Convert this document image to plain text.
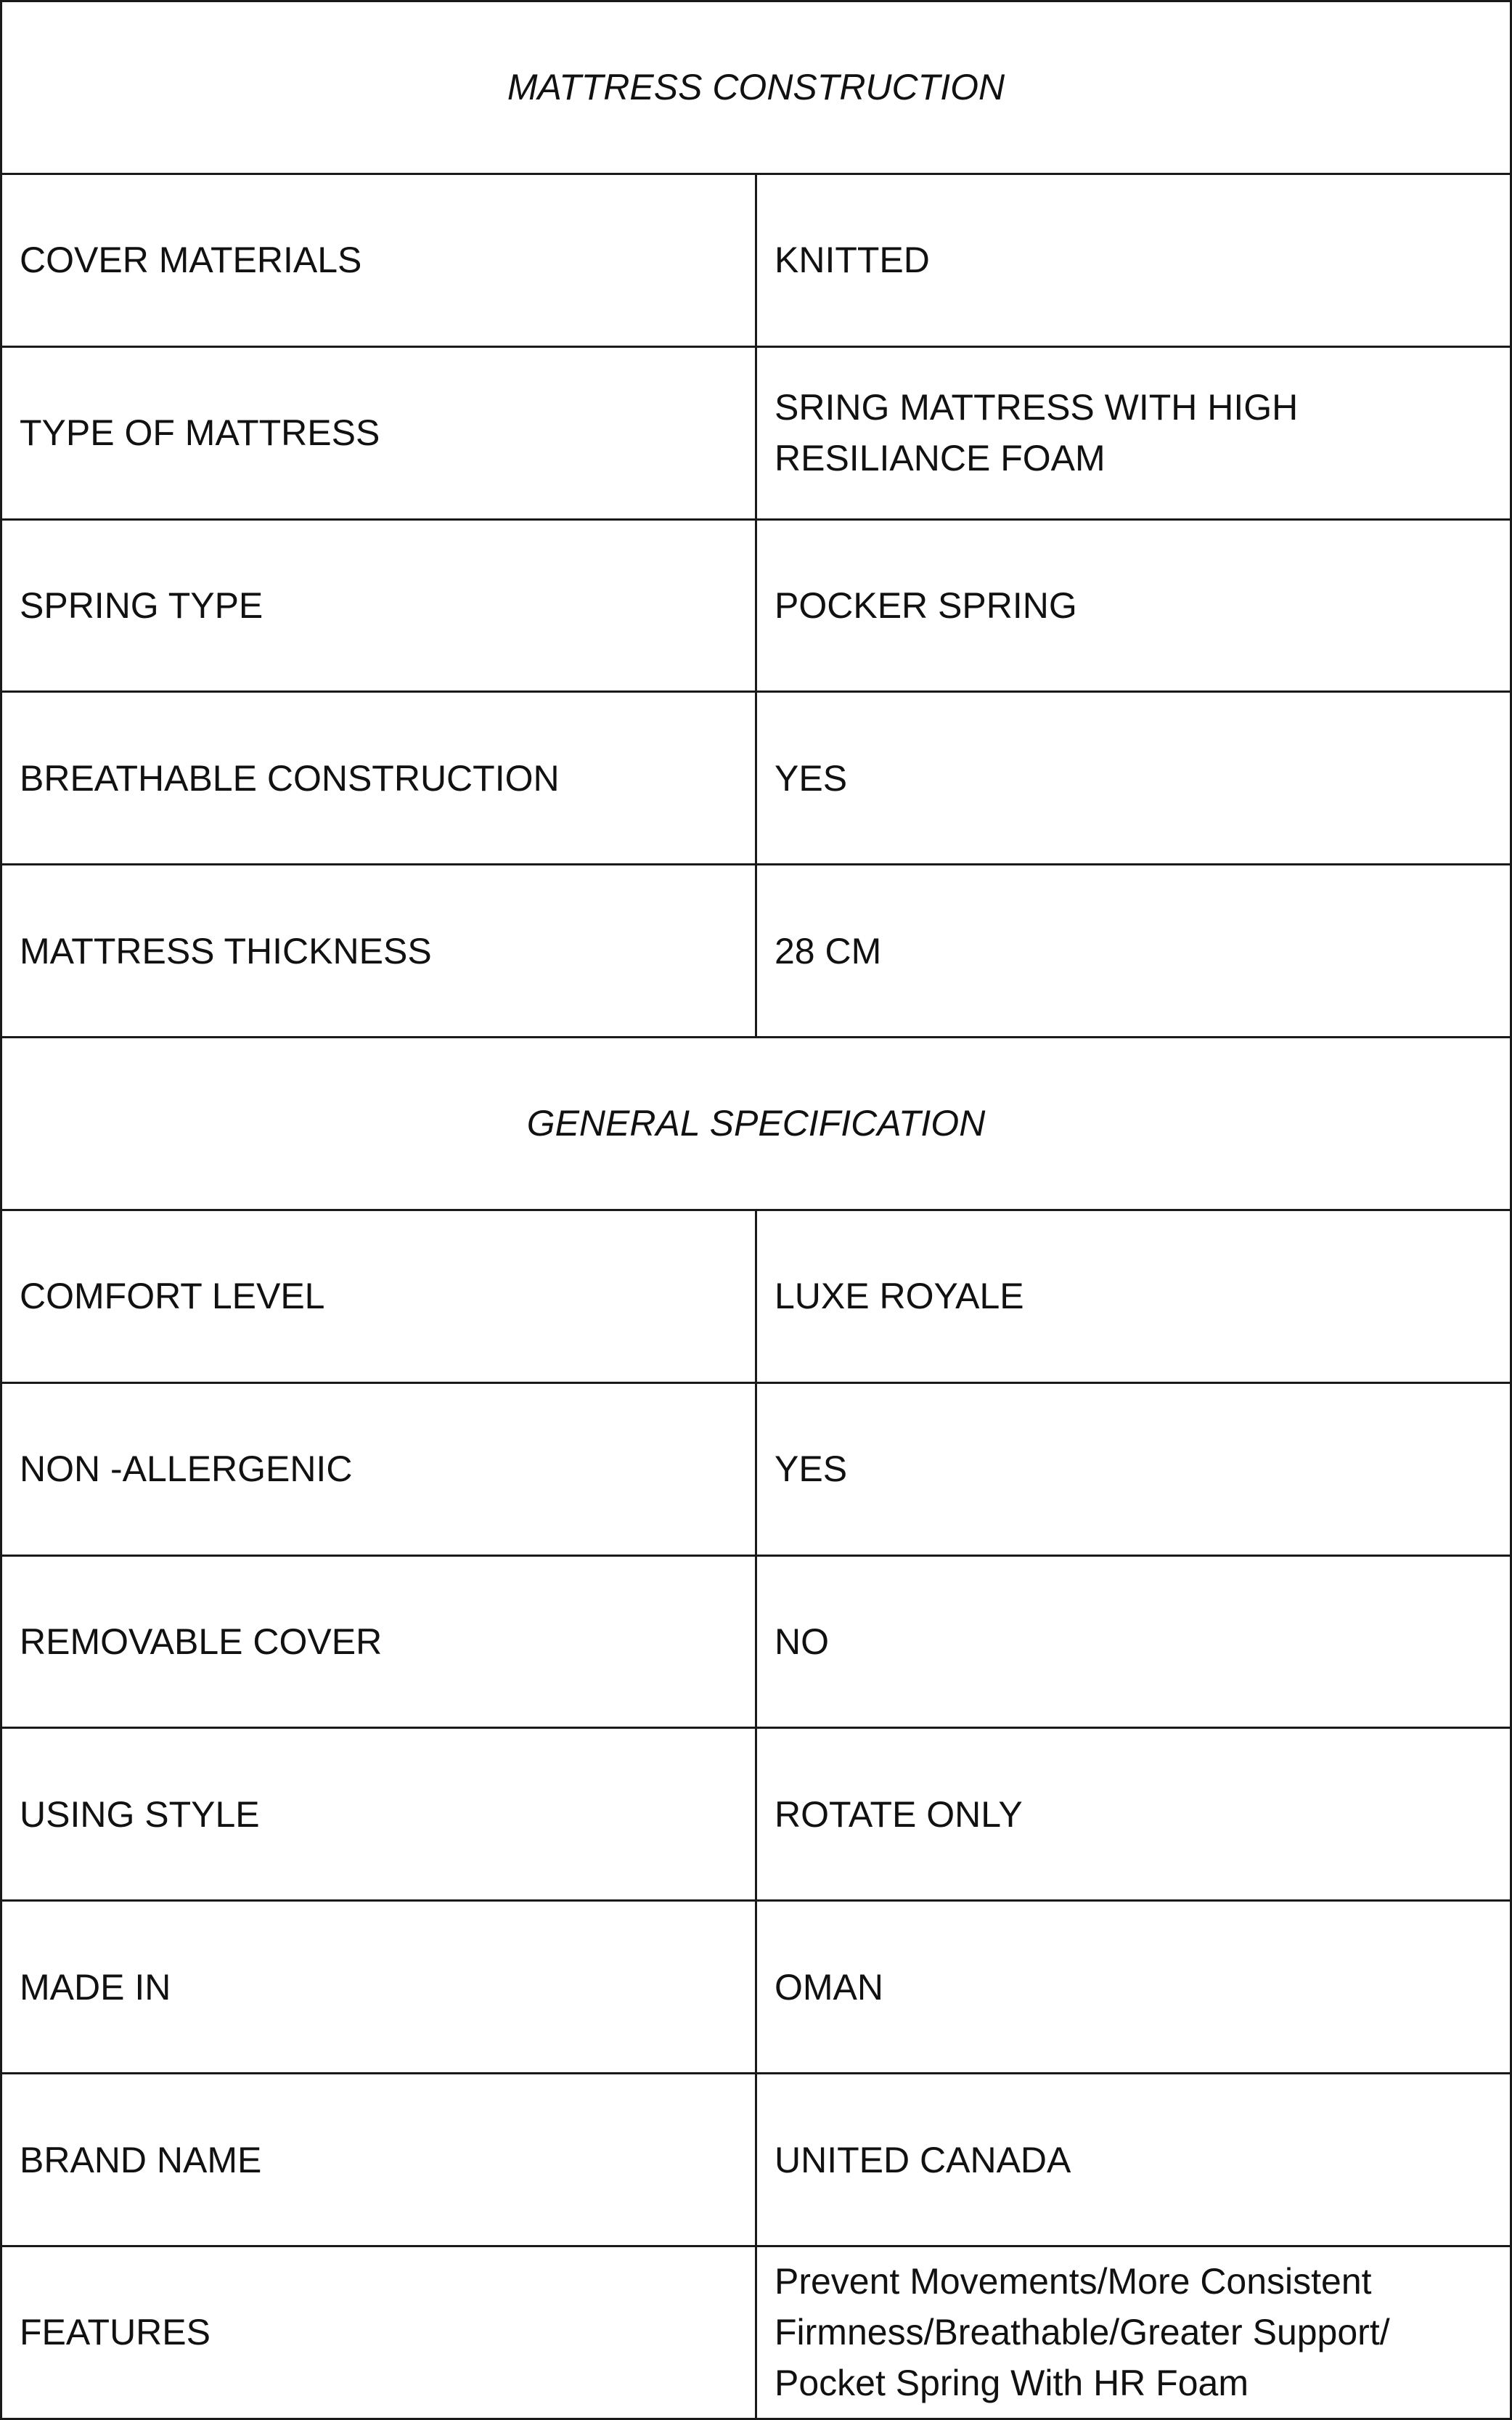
MATTRESS CONSTRUCTION	
COVER MATERIALS	KNITTED
TYPE OF MATTRESS	SRING MATTRESS WITH HIGH RESILIANCE FOAM
SPRING TYPE	POCKER SPRING
BREATHABLE CONSTRUCTION	YES
MATTRESS THICKNESS	28 CM
GENERAL SPECIFICATION	
COMFORT LEVEL	LUXE ROYALE
NON -ALLERGENIC	YES
REMOVABLE COVER	NO
USING STYLE	ROTATE ONLY
MADE IN	OMAN
BRAND NAME	UNITED CANADA
FEATURES	Prevent Movements/More Consistent Firmness/Breathable/Greater Support/ Pocket Spring With HR Foam
